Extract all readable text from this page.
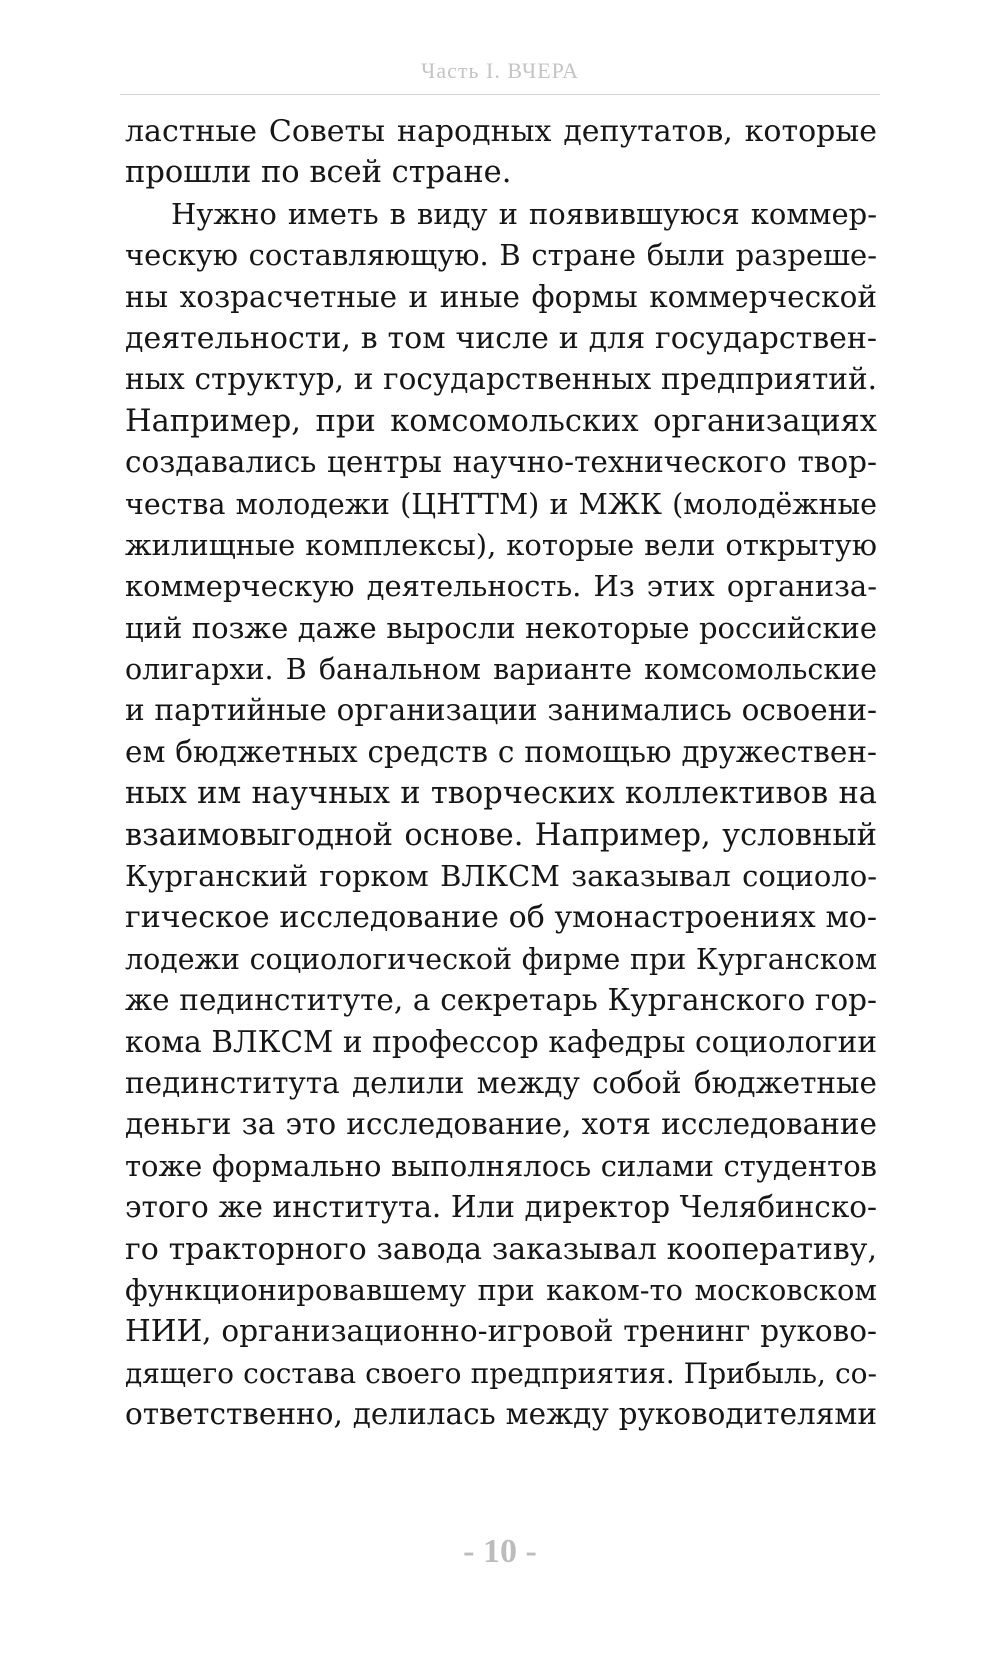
Часть I. ВЧЕРА
ластные Советы народных депутатов, которые
прошли по всей стране.
Нужно иметь в виду и появившуюся коммер-
ческую составляющую. В стране были разреше-
ны хозрасчетные и иные формы коммерческой
деятельности, в том числе и для государствен-
ных структур, и государственных предприятий.
Например, при комсомольских организациях
создавались центры научно-технического твор-
чества молодежи (ЦНТТМ) и МЖК (молодёжные
жилищные комплексы), которые вели открытую
коммерческую деятельность. Из этих организа-
ций позже даже выросли некоторые российские
олигархи. В банальном варианте комсомольские
и партийные организации занимались освоени-
ем бюджетных средств с помощью дружествен-
ных им научных и творческих коллективов на
взаимовыгодной основе. Например, условный
Курганский горком ВЛКСМ заказывал социоло-
гическое исследование об умонастроениях мо-
лодежи социологической фирме при Курганском
же пединституте, а секретарь Курганского гор-
кома ВЛКСМ и профессор кафедры социологии
пединститута делили между собой бюджетные
деньги за это исследование, хотя исследование
тоже формально выполнялось силами студентов
этого же института. Или директор Челябинско-
го тракторного завода заказывал кооперативу,
функционировавшему при каком-то московском
НИИ, организационно-игровой тренинг руково-
дящего состава своего предприятия. Прибыль, со-
ответственно, делилась между руководителями
- 10 -
